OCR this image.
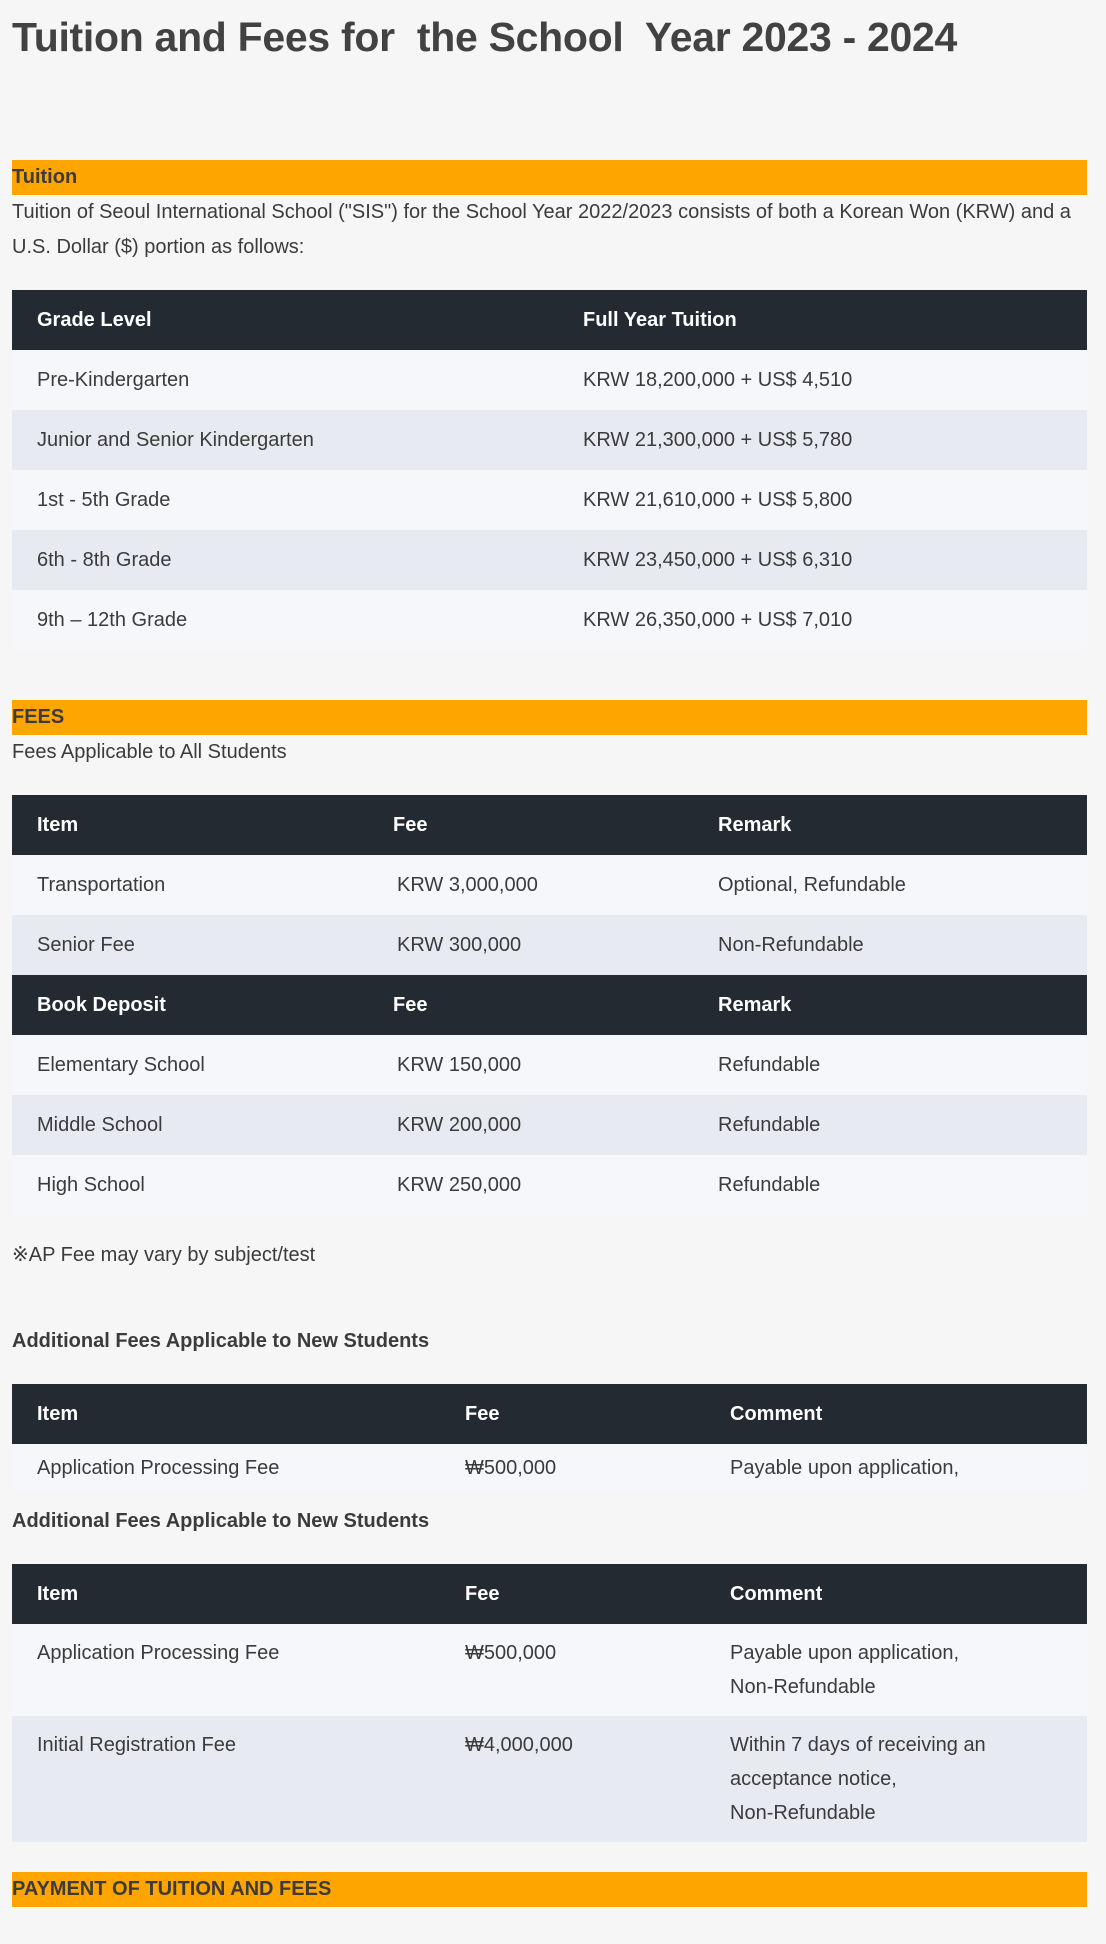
Tuition and Fees for  the School  Year 2023 - 2024
Tuition

Tuition of Seoul International School ("SIS") for the School Year 2022/2023 consists of both a Korean Won (KRW) and a U.S. Dollar ($) portion as follows:

Grade Level	Full Year Tuition
Pre-Kindergarten	KRW 18,200,000 + US$ 4,510
Junior and Senior Kindergarten	KRW 21,300,000 + US$ 5,780
1st - 5th Grade	KRW 21,610,000 + US$ 5,800
6th - 8th Grade	KRW 23,450,000 + US$ 6,310
9th – 12th Grade	KRW 26,350,000 + US$ 7,010
FEES

Fees Applicable to All Students

Item	Fee	Remark
Transportation	KRW 3,000,000	Optional, Refundable
Senior Fee	KRW 300,000	Non-Refundable
Book Deposit	Fee	Remark
Elementary School	KRW 150,000	Refundable
Middle School	KRW 200,000	Refundable
High School	KRW 250,000	Refundable

※AP Fee may vary by subject/test

Additional Fees Applicable to New Students

Item	Fee	Comment
Application Processing Fee	₩500,000	Payable upon application,

Additional Fees Applicable to New Students

Item	Fee	Comment
Application Processing Fee	₩500,000	Payable upon application,
Non-Refundable
Initial Registration Fee	₩4,000,000	Within 7 days of receiving an
acceptance notice,
Non-Refundable
PAYMENT OF TUITION AND FEES
